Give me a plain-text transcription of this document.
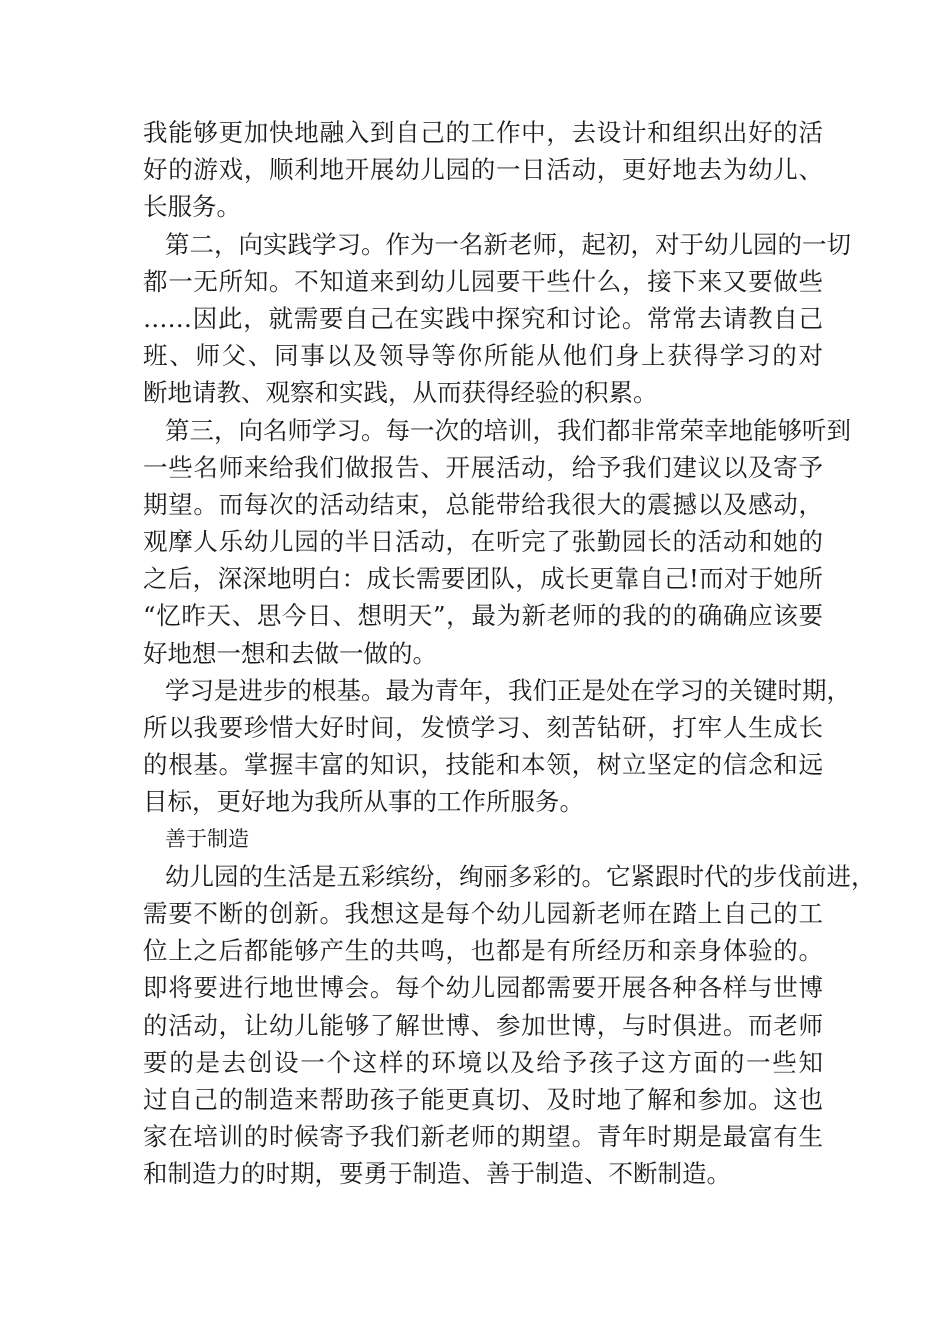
我能够更加快地融入到自己的工作中，去设计和组织出好的活
好的游戏，顺利地开展幼儿园的一日活动，更好地去为幼儿、
长服务。
第二，向实践学习。作为一名新老师，起初，对于幼儿园的一切
都一无所知。不知道来到幼儿园要干些什么，接下来又要做些
……因此，就需要自己在实践中探究和讨论。常常去请教自己
班、师父、同事以及领导等你所能从他们身上获得学习的对
断地请教、观察和实践，从而获得经验的积累。
第三，向名师学习。每一次的培训，我们都非常荣幸地能够听到
一些名师来给我们做报告、开展活动，给予我们建议以及寄予
期望。而每次的活动结束，总能带给我很大的震撼以及感动，
观摩人乐幼儿园的半日活动，在听完了张勤园长的活动和她的
之后，深深地明白：成长需要团队，成长更靠自己!而对于她所
“忆昨天、思今日、想明天”，最为新老师的我的的确确应该要
好地想一想和去做一做的。
学习是进步的根基。最为青年，我们正是处在学习的关键时期，
所以我要珍惜大好时间，发愤学习、刻苦钻研，打牢人生成长
的根基。掌握丰富的知识，技能和本领，树立坚定的信念和远
目标，更好地为我所从事的工作所服务。
善于制造
幼儿园的生活是五彩缤纷，绚丽多彩的。它紧跟时代的步伐前进，
需要不断的创新。我想这是每个幼儿园新老师在踏上自己的工
位上之后都能够产生的共鸣，也都是有所经历和亲身体验的。
即将要进行地世博会。每个幼儿园都需要开展各种各样与世博
的活动，让幼儿能够了解世博、参加世博，与时俱进。而老师
要的是去创设一个这样的环境以及给予孩子这方面的一些知
过自己的制造来帮助孩子能更真切、及时地了解和参加。这也
家在培训的时候寄予我们新老师的期望。青年时期是最富有生
和制造力的时期，要勇于制造、善于制造、不断制造。
